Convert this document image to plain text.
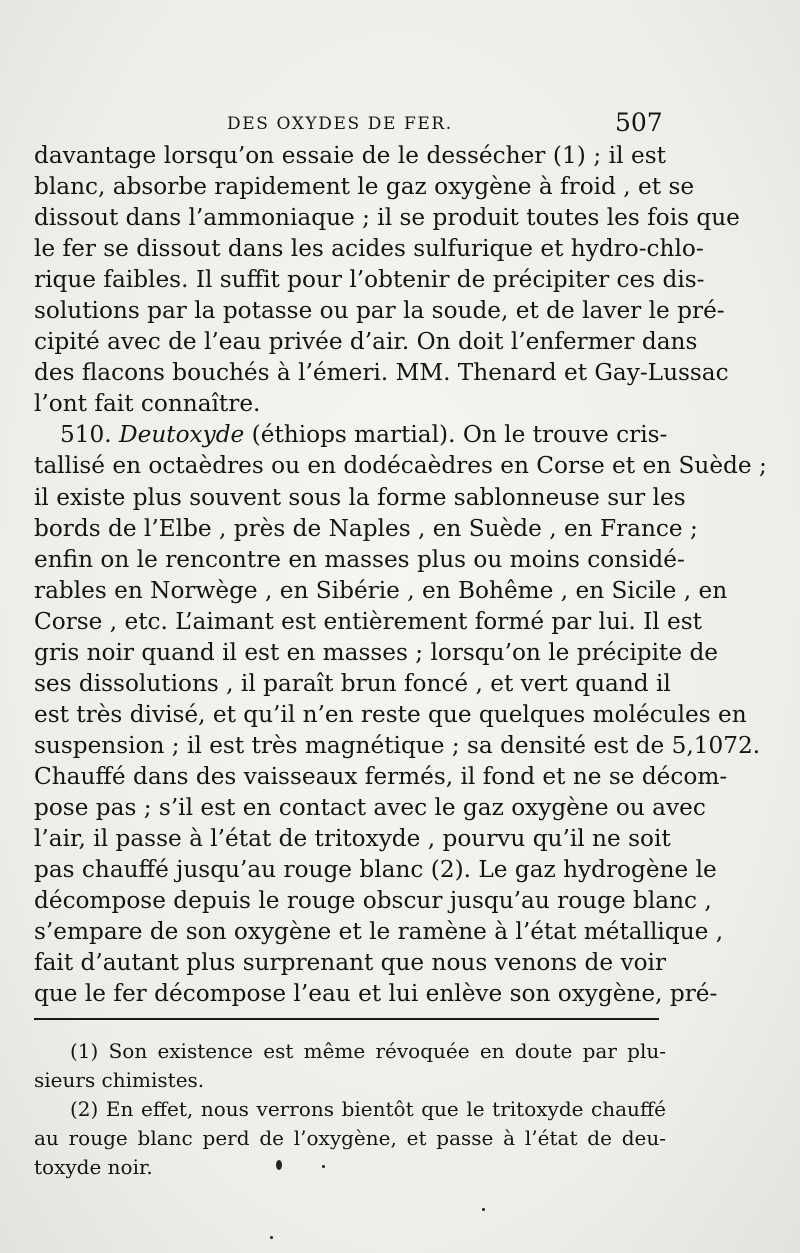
DES OXYDES DE FER.	507
davantage lorsqu’on essaie de le dessécher (1) ; il est
blanc, absorbe rapidement le gaz oxygène à froid , et se
dissout dans l’ammoniaque ; il se produit toutes les fois que
le fer se dissout dans les acides sulfurique et hydro-chlo-
rique faibles. Il suffit pour l’obtenir de précipiter ces dis-
solutions par la potasse ou par la soude, et de laver le pré-
cipité avec de l’eau privée d’air. On doit l’enfermer dans
des flacons bouchés à l’émeri. MM. Thenard et Gay-Lussac
l’ont fait connaître.
510. Deutoxyde (éthiops martial). On le trouve cris-
tallisé en octaèdres ou en dodécaèdres en Corse et en Suède ;
il existe plus souvent sous la forme sablonneuse sur les
bords de l’Elbe , près de Naples , en Suède , en France ;
enfin on le rencontre en masses plus ou moins considé-
rables en Norwège , en Sibérie , en Bohême , en Sicile , en
Corse , etc. L’aimant est entièrement formé par lui. Il est
gris noir quand il est en masses ; lorsqu’on le précipite de
ses dissolutions , il paraît brun foncé , et vert quand il
est très divisé, et qu’il n’en reste que quelques molécules en
suspension ; il est très magnétique ; sa densité est de 5,1072.
Chauffé dans des vaisseaux fermés, il fond et ne se décom-
pose pas ; s’il est en contact avec le gaz oxygène ou avec
l’air, il passe à l’état de tritoxyde , pourvu qu’il ne soit
pas chauffé jusqu’au rouge blanc (2). Le gaz hydrogène le
décompose depuis le rouge obscur jusqu’au rouge blanc ,
s’empare de son oxygène et le ramène à l’état métallique ,
fait d’autant plus surprenant que nous venons de voir
que le fer décompose l’eau et lui enlève son oxygène, pré-
(1) Son existence est même révoquée en doute par plu-
sieurs chimistes.
(2) En effet, nous verrons bientôt que le tritoxyde chauffé
au rouge blanc perd de l’oxygène, et passe à l’état de deu-
toxyde noir.
